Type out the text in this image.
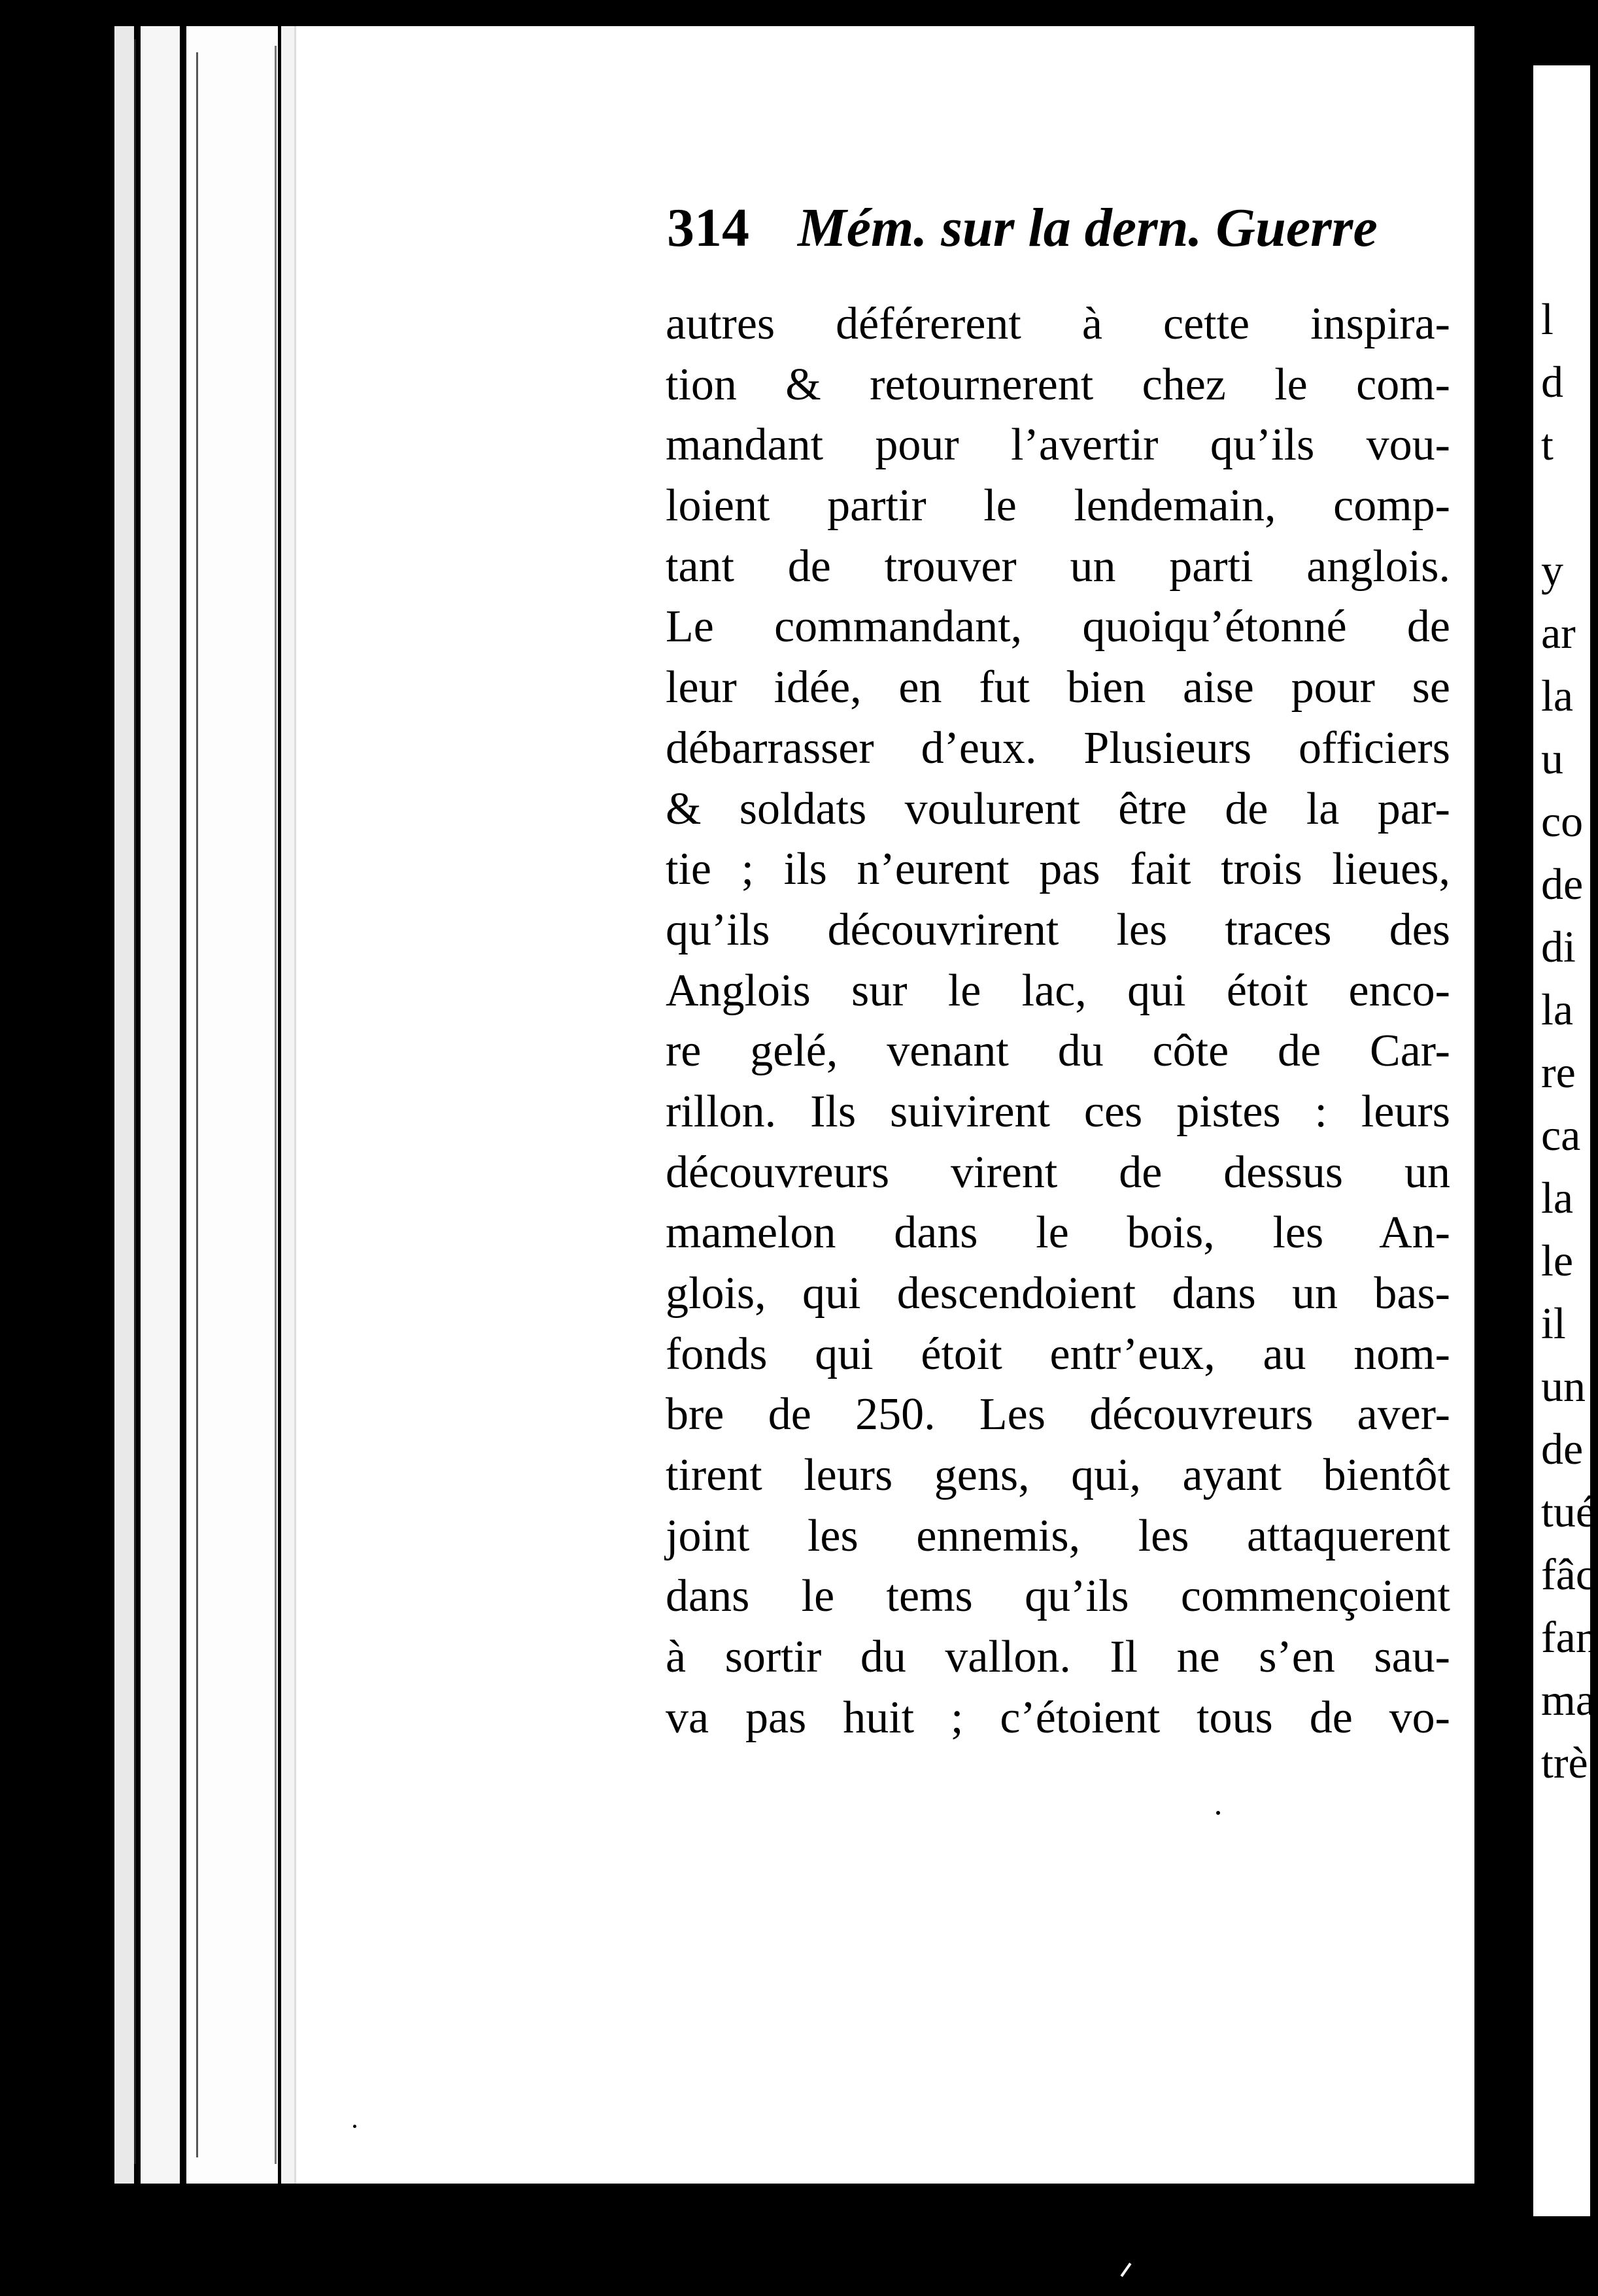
314 Mém. sur la dern. Guerre
autres déférerent à cette inspira-
tion & retournerent chez le com-
mandant pour l’avertir qu’ils vou-
loient partir le lendemain, comp-
tant de trouver un parti anglois.
Le commandant, quoiqu’étonné de
leur idée, en fut bien aise pour se
débarrasser d’eux. Plusieurs officiers
& soldats voulurent être de la par-
tie ; ils n’eurent pas fait trois lieues,
qu’ils découvrirent les traces des
Anglois sur le lac, qui étoit enco-
re gelé, venant du côte de Car-
rillon. Ils suivirent ces pistes : leurs
découvreurs virent de dessus un
mamelon dans le bois, les An-
glois, qui descendoient dans un bas-
fonds qui étoit entr’eux, au nom-
bre de 250. Les découvreurs aver-
tirent leurs gens, qui, ayant bientôt
joint les ennemis, les attaquerent
dans le tems qu’ils commençoient
à sortir du vallon. Il ne s’en sau-
va pas huit ; c’étoient tous de vo-
l
d
t
y
ar
la
u
co
de
di
la
re
ca
la
le
il
un
de
tué
fâc
fan
ma
trè
